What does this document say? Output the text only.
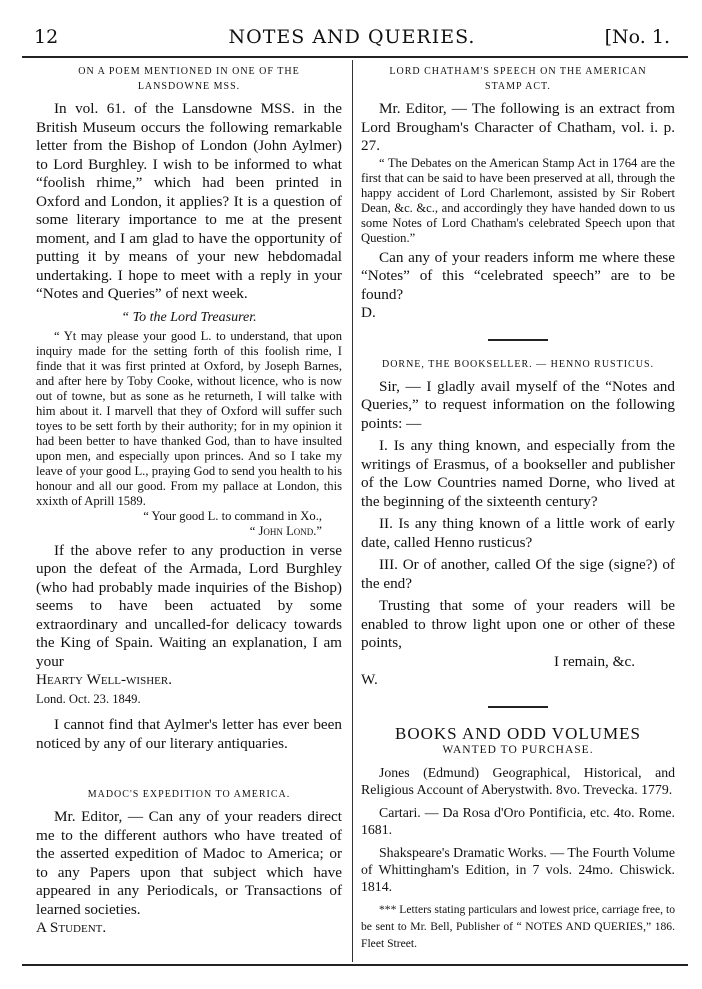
12	NOTES AND QUERIES.	[No. 1.
ON A POEM MENTIONED IN ONE OF THE
LANSDOWNE MSS.

In vol. 61. of the Lansdowne MSS. in the British Museum occurs the following remarkable letter from the Bishop of London (John Aylmer) to Lord Burghley. I wish to be informed to what “foolish rhime,” which had been printed in Oxford and London, it applies? It is a question of some literary importance to me at the present moment, and I am glad to have the opportunity of putting it by means of your new hebdomadal undertaking. I hope to meet with a reply in your “Notes and Queries” of next week.

“ To the Lord Treasurer.

“ Yt may please your good L. to understand, that upon inquiry made for the setting forth of this foolish rime, I finde that it was first printed at Oxford, by Joseph Barnes, and after here by Toby Cooke, without licence, who is now out of towne, but as sone as he returneth, I will talke with him about it. I marvell that they of Oxford will suffer such toyes to be sett forth by their authority; for in my opinion it had been better to have thanked God, than to have insulted upon men, and especially upon princes. And so I take my leave of your good L., praying God to send you health to his honour and all our good. From my pallace at London, this xxixth of Aprill 1589.

“ Your good L. to command in Xo.,

“ John Lond.”

If the above refer to any production in verse upon the defeat of the Armada, Lord Burghley (who had probably made inquiries of the Bishop) seems to have been actuated by some extraordinary and uncalled-for delicacy towards the King of Spain. Waiting an explanation, I am your

Hearty Well-wisher.

Lond. Oct. 23. 1849.

I cannot find that Aylmer's letter has ever been noticed by any of our literary antiquaries.

MADOC'S EXPEDITION TO AMERICA.

Mr. Editor, — Can any of your readers direct me to the different authors who have treated of the asserted expedition of Madoc to America; or to any Papers upon that subject which have appeared in any Periodicals, or Transactions of learned societies.

A Student.

LORD CHATHAM'S SPEECH ON THE AMERICAN
STAMP ACT.

Mr. Editor, — The following is an extract from Lord Brougham's Character of Chatham, vol. i. p. 27.

“ The Debates on the American Stamp Act in 1764 are the first that can be said to have been preserved at all, through the happy accident of Lord Charlemont, assisted by Sir Robert Dean, &c. &c., and accordingly they have handed down to us some Notes of Lord Chatham's celebrated Speech upon that Question.”

Can any of your readers inform me where these “Notes” of this “celebrated speech” are to be found?

D.

DORNE, THE BOOKSELLER. — HENNO RUSTICUS.

Sir, — I gladly avail myself of the “Notes and Queries,” to request information on the following points: —

I. Is any thing known, and especially from the writings of Erasmus, of a bookseller and publisher of the Low Countries named Dorne, who lived at the beginning of the sixteenth century?

II. Is any thing known of a little work of early date, called Henno rusticus?

III. Or of another, called Of the sige (signe?) of the end?

Trusting that some of your readers will be enabled to throw light upon one or other of these points,

I remain, &c.

W.

BOOKS AND ODD VOLUMES
WANTED TO PURCHASE.

Jones (Edmund) Geographical, Historical, and Religious Account of Aberystwith. 8vo. Trevecka. 1779.

Cartari. — Da Rosa d'Oro Pontificia, etc. 4to. Rome. 1681.

Shakspeare's Dramatic Works. — The Fourth Volume of Whittingham's Edition, in 7 vols. 24mo. Chiswick. 1814.

*** Letters stating particulars and lowest price, carriage free, to be sent to Mr. Bell, Publisher of “ NOTES AND QUERIES,” 186. Fleet Street.
